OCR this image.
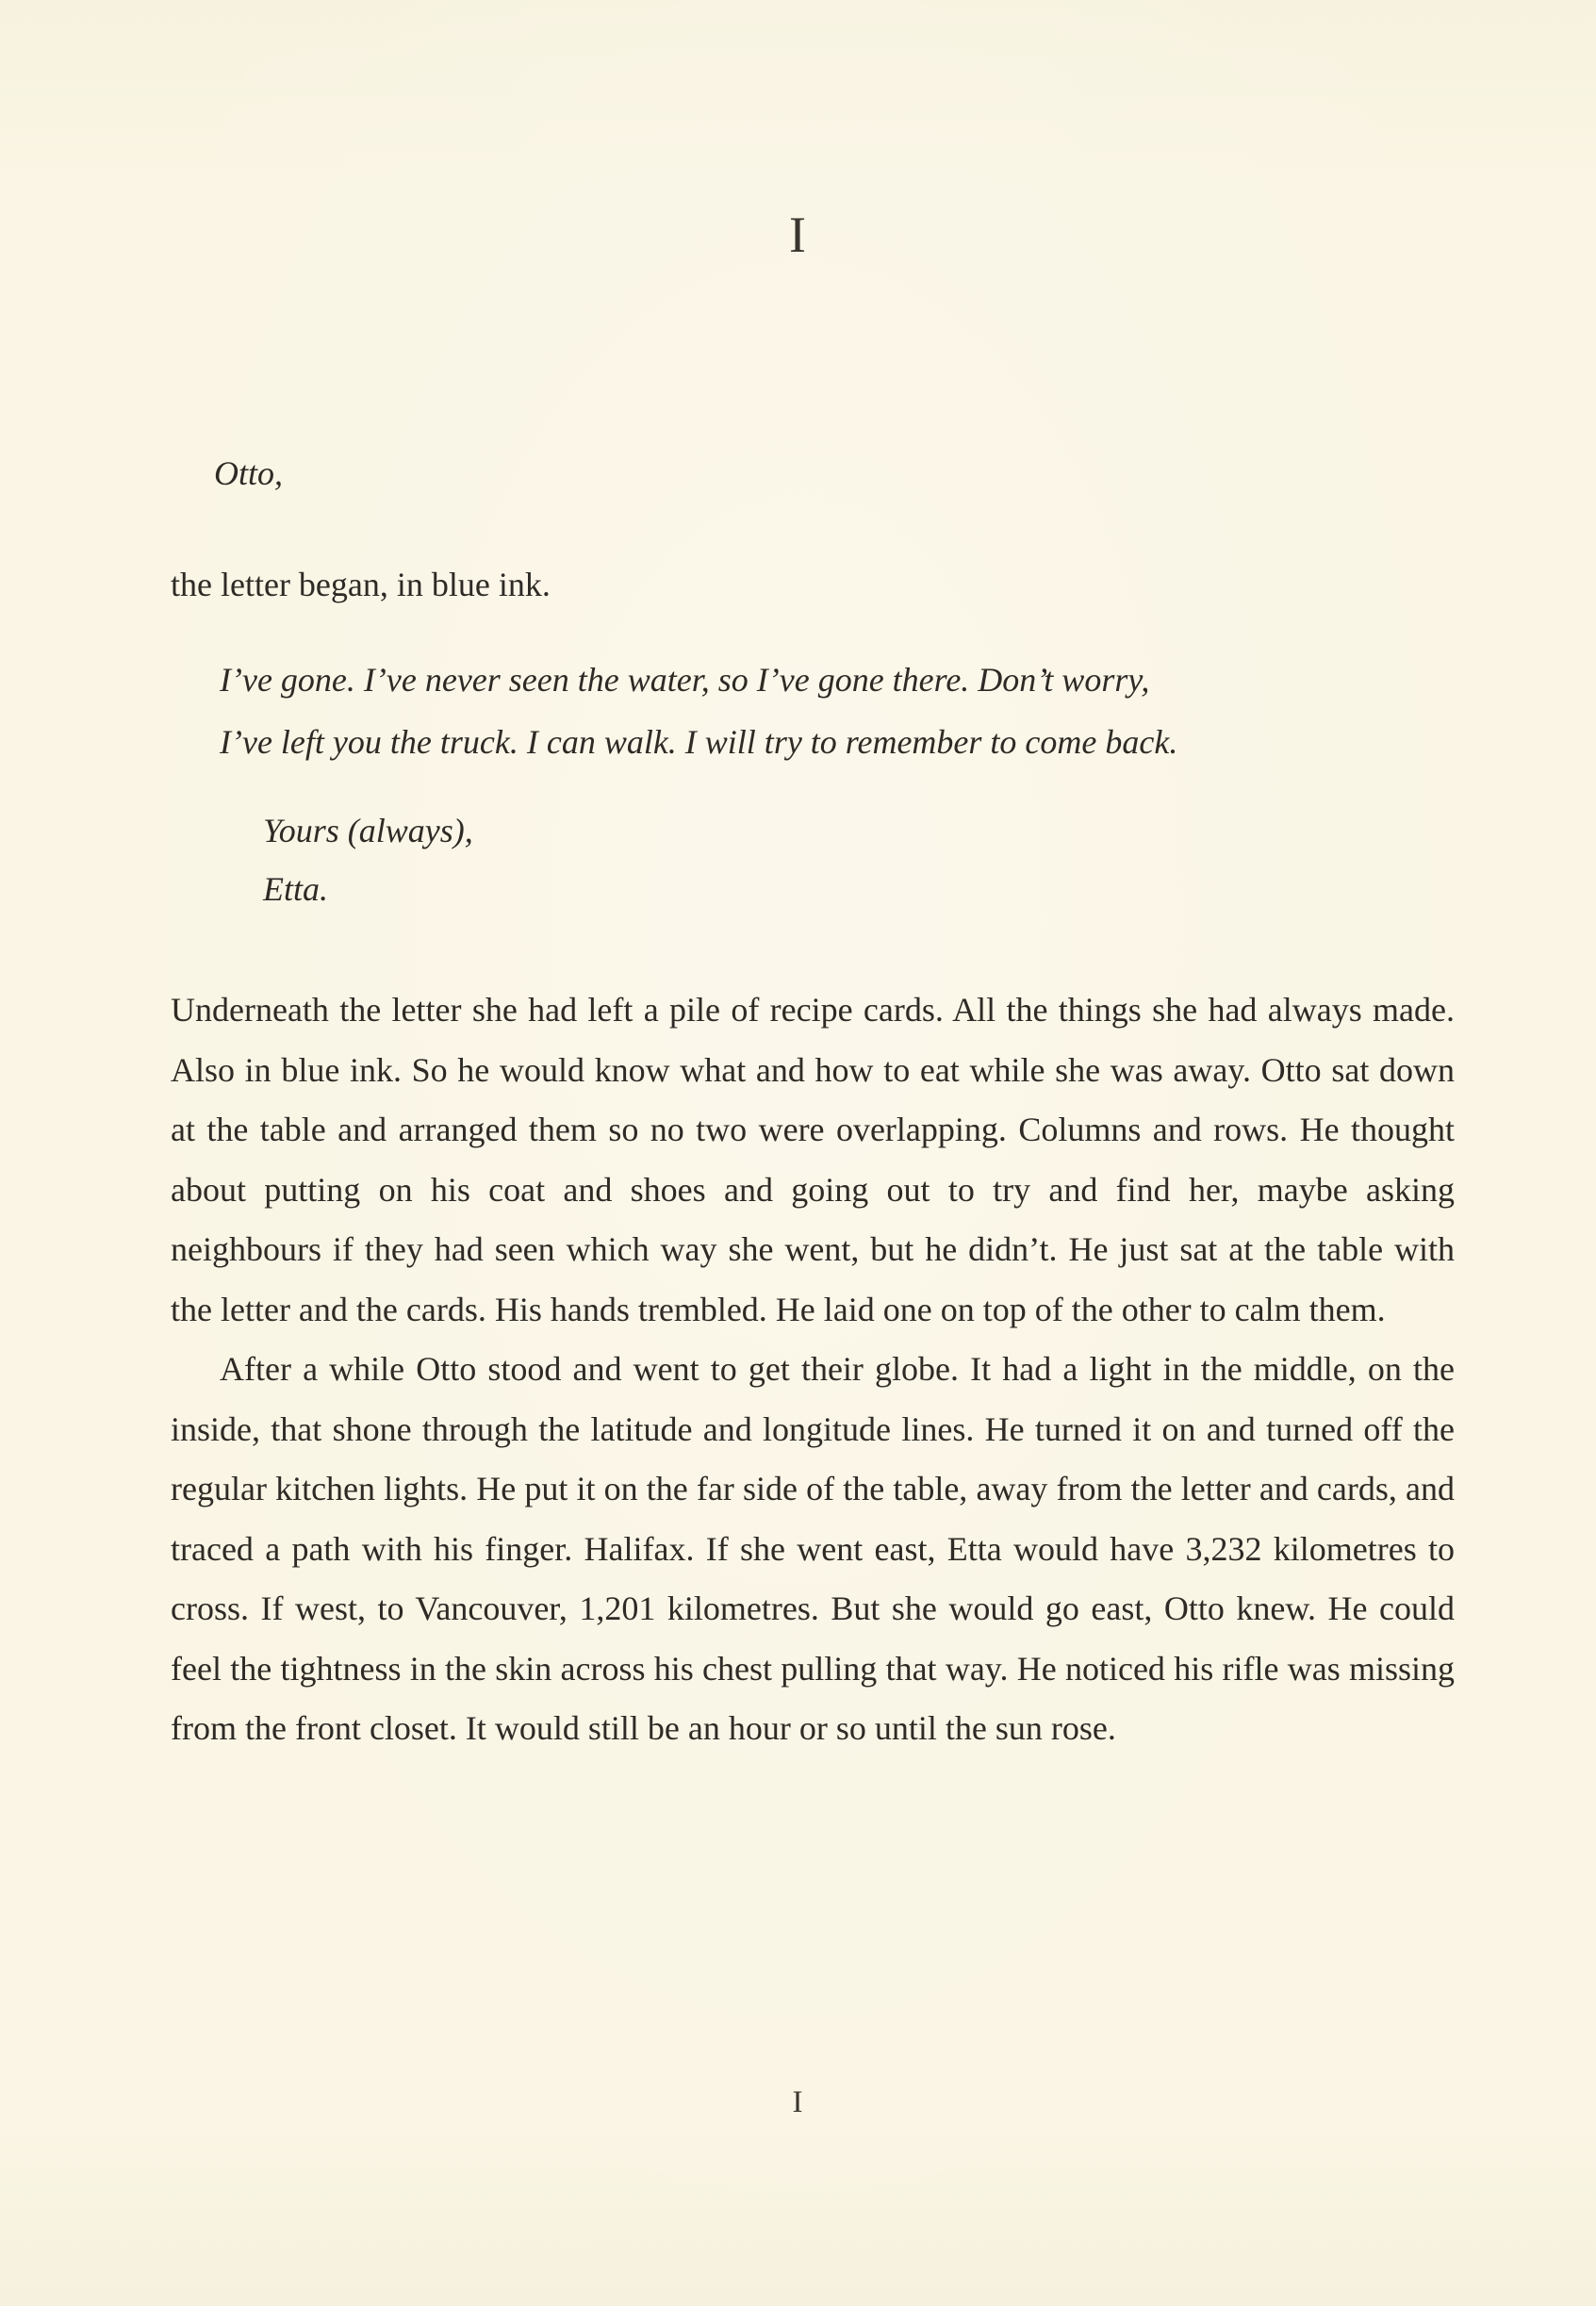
I

Otto,

the letter began, in blue ink.

I’ve gone. I’ve never seen the water, so I’ve gone there. Don’t worry,
I’ve left you the truck. I can walk. I will try to remember to come back.
Yours (always),
Etta.

Underneath the letter she had left a pile of recipe cards. All the things she had always made. Also in blue ink. So he would know what and how to eat while she was away. Otto sat down at the table and arranged them so no two were overlapping. Columns and rows. He thought about putting on his coat and shoes and going out to try and find her, maybe asking neighbours if they had seen which way she went, but he didn’t. He just sat at the table with the letter and the cards. His hands trembled. He laid one on top of the other to calm them.

After a while Otto stood and went to get their globe. It had a light in the middle, on the inside, that shone through the latitude and longitude lines. He turned it on and turned off the regular kitchen lights. He put it on the far side of the table, away from the letter and cards, and traced a path with his finger. Halifax. If she went east, Etta would have 3,232 kilometres to cross. If west, to Vancouver, 1,201 kilometres. But she would go east, Otto knew. He could feel the tightness in the skin across his chest pulling that way. He noticed his rifle was missing from the front closet. It would still be an hour or so until the sun rose.

I
